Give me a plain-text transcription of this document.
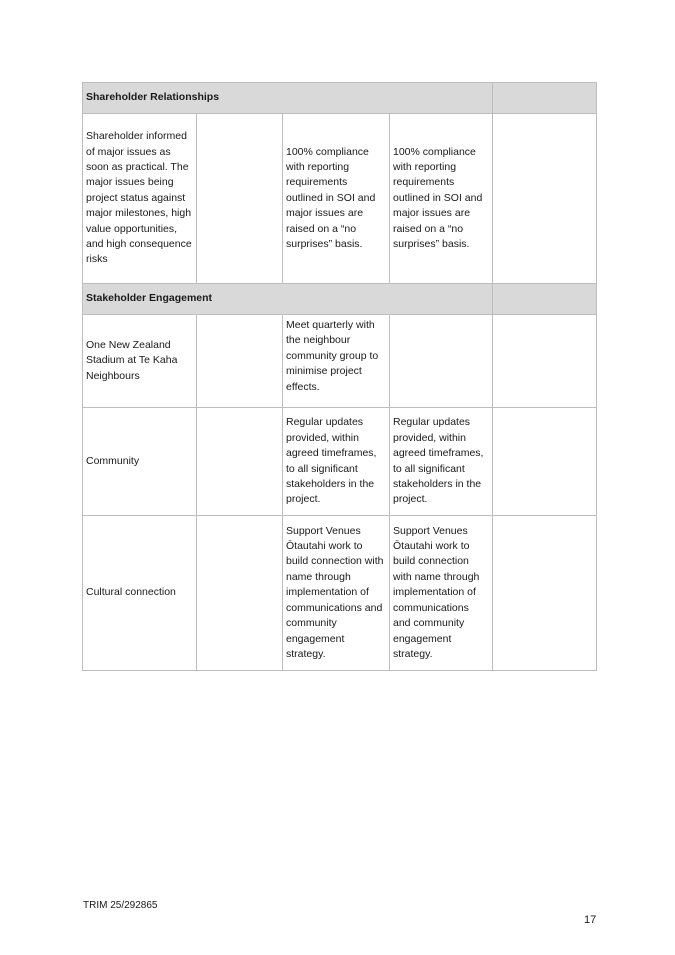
Shareholder Relationships				
Shareholder informed of major issues as soon as practical. The major issues being project status against major milestones, high value opportunities, and high consequence risks		100% compliance with reporting requirements outlined in SOI and major issues are raised on a “no surprises” basis.	100% compliance with reporting requirements outlined in SOI and major issues are raised on a “no surprises” basis.	
Stakeholder Engagement				
One New Zealand Stadium at Te Kaha Neighbours		Meet quarterly with the neighbour community group to minimise project effects.		
Community		Regular updates provided, within agreed timeframes, to all significant stakeholders in the project.	Regular updates provided, within agreed timeframes, to all significant stakeholders in the project.	
Cultural connection		Support Venues Ōtautahi work to build connection with name through implementation of communications and community engagement strategy.	Support Venues Ōtautahi work to build connection with name through implementation of communications and community engagement strategy.	
TRIM 25/292865
17
